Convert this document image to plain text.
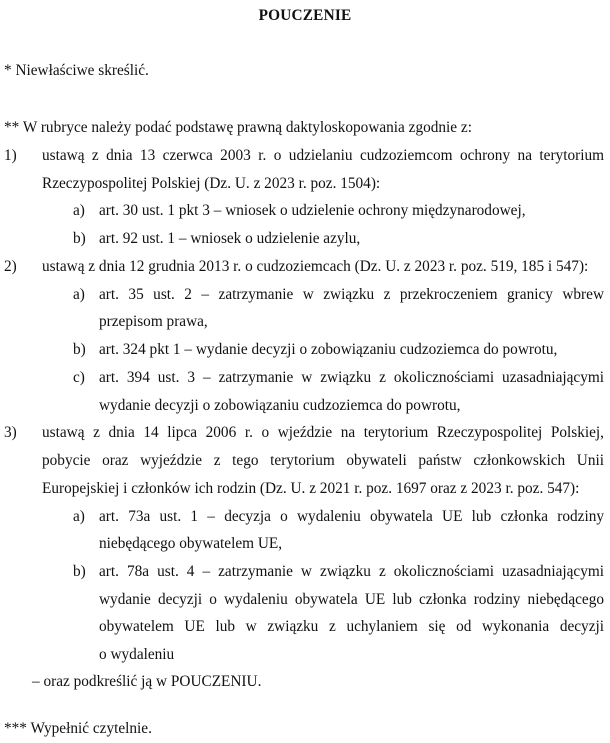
POUCZENIE
* Niewłaściwe skreślić.
** W rubryce należy podać podstawę prawną daktyloskopowania zgodnie z:
1) ustawą z dnia 13 czerwca 2003 r. o udzielaniu cudzoziemcom ochrony na terytorium
Rzeczypospolitej Polskiej (Dz. U. z 2023 r. poz. 1504):
a) art. 30 ust. 1 pkt 3 – wniosek o udzielenie ochrony międzynarodowej,
b) art. 92 ust. 1 – wniosek o udzielenie azylu,
2) ustawą z dnia 12 grudnia 2013 r. o cudzoziemcach (Dz. U. z 2023 r. poz. 519, 185 i 547):
a) art. 35 ust. 2 – zatrzymanie w związku z przekroczeniem granicy wbrew
przepisom prawa,
b) art. 324 pkt 1 – wydanie decyzji o zobowiązaniu cudzoziemca do powrotu,
c) art. 394 ust. 3 – zatrzymanie w związku z okolicznościami uzasadniającymi
wydanie decyzji o zobowiązaniu cudzoziemca do powrotu,
3) ustawą z dnia 14 lipca 2006 r. o wjeździe na terytorium Rzeczypospolitej Polskiej,
pobycie oraz wyjeździe z tego terytorium obywateli państw członkowskich Unii
Europejskiej i członków ich rodzin (Dz. U. z 2021 r. poz. 1697 oraz z 2023 r. poz. 547):
a) art. 73a ust. 1 – decyzja o wydaleniu obywatela UE lub członka rodziny
niebędącego obywatelem UE,
b) art. 78a ust. 4 – zatrzymanie w związku z okolicznościami uzasadniającymi
wydanie decyzji o wydaleniu obywatela UE lub członka rodziny niebędącego
obywatelem UE lub w związku z uchylaniem się od wykonania decyzji
o wydaleniu
– oraz podkreślić ją w POUCZENIU.
*** Wypełnić czytelnie.
